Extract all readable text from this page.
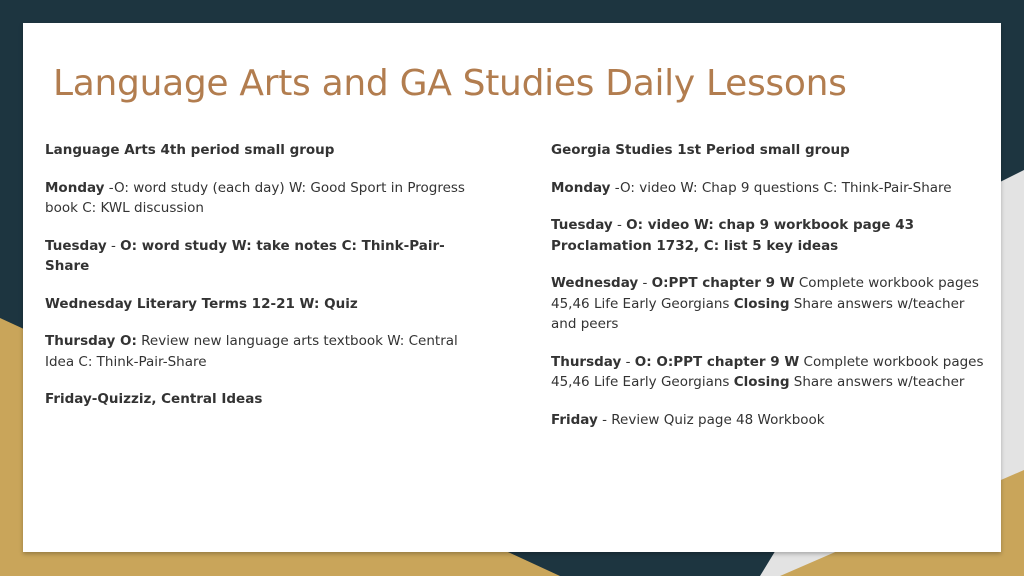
Language Arts and GA Studies Daily Lessons

Language Arts 4th period small group

Monday -O: word study (each day) W: Good Sport in Progress book C: KWL discussion

Tuesday - O: word study W: take notes C: Think-Pair-Share

Wednesday Literary Terms 12-21 W: Quiz

Thursday O: Review new language arts textbook W: Central Idea C: Think-Pair-Share

Friday-Quizziz, Central Ideas

Georgia Studies 1st Period small group

Monday -O: video W: Chap 9 questions C: Think-Pair-Share

Tuesday - O: video W: chap 9 workbook page 43 Proclamation 1732, C: list 5 key ideas

Wednesday - O:PPT chapter 9 W Complete workbook pages 45,46 Life Early Georgians Closing Share answers w/teacher and peers

Thursday - O: O:PPT chapter 9 W Complete workbook pages 45,46 Life Early Georgians Closing Share answers w/teacher

Friday - Review Quiz page 48 Workbook
